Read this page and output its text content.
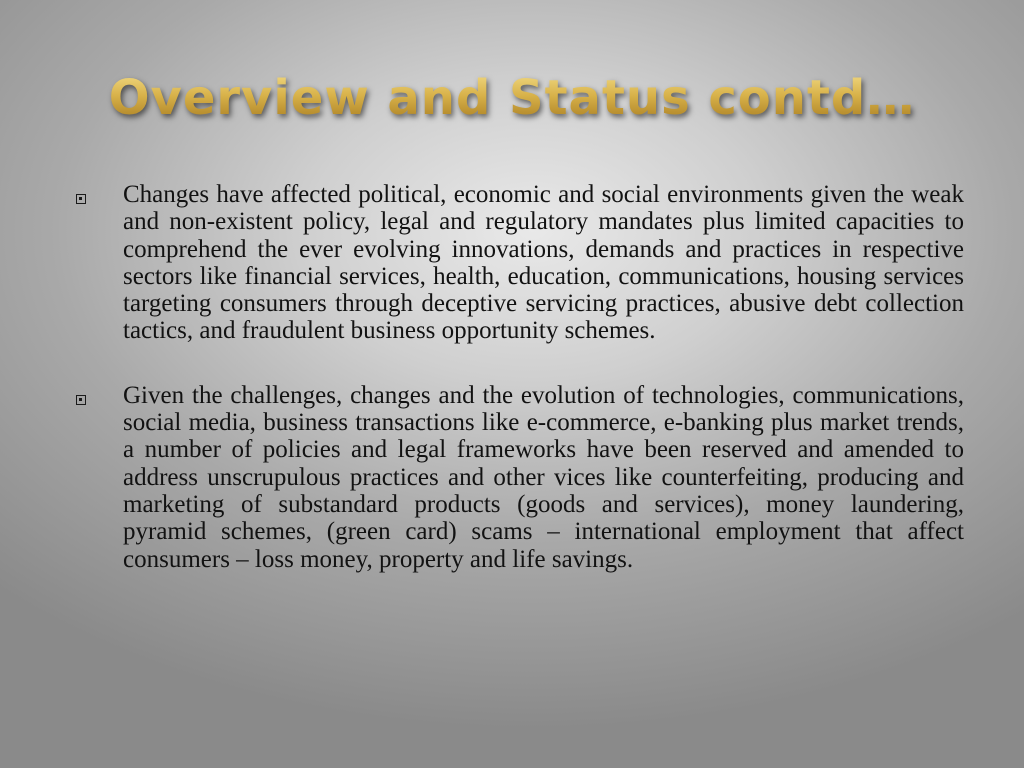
Overview and Status contd…
Changes have affected political, economic and social environments given the weak and non-existent policy, legal and regulatory mandates plus limited capacities to comprehend the ever evolving innovations, demands and practices in respective sectors like financial services, health, education, communications, housing services targeting consumers through deceptive servicing practices, abusive debt collection tactics, and fraudulent business opportunity schemes.
Given the challenges, changes and the evolution of technologies, communications, social media, business transactions like e-commerce, e-banking plus market trends, a number of policies and legal frameworks have been reserved and amended to address unscrupulous practices and other vices like counterfeiting, producing and marketing of substandard products (goods and services), money laundering, pyramid schemes, (green card) scams – international employment that affect consumers – loss money, property and life savings.
